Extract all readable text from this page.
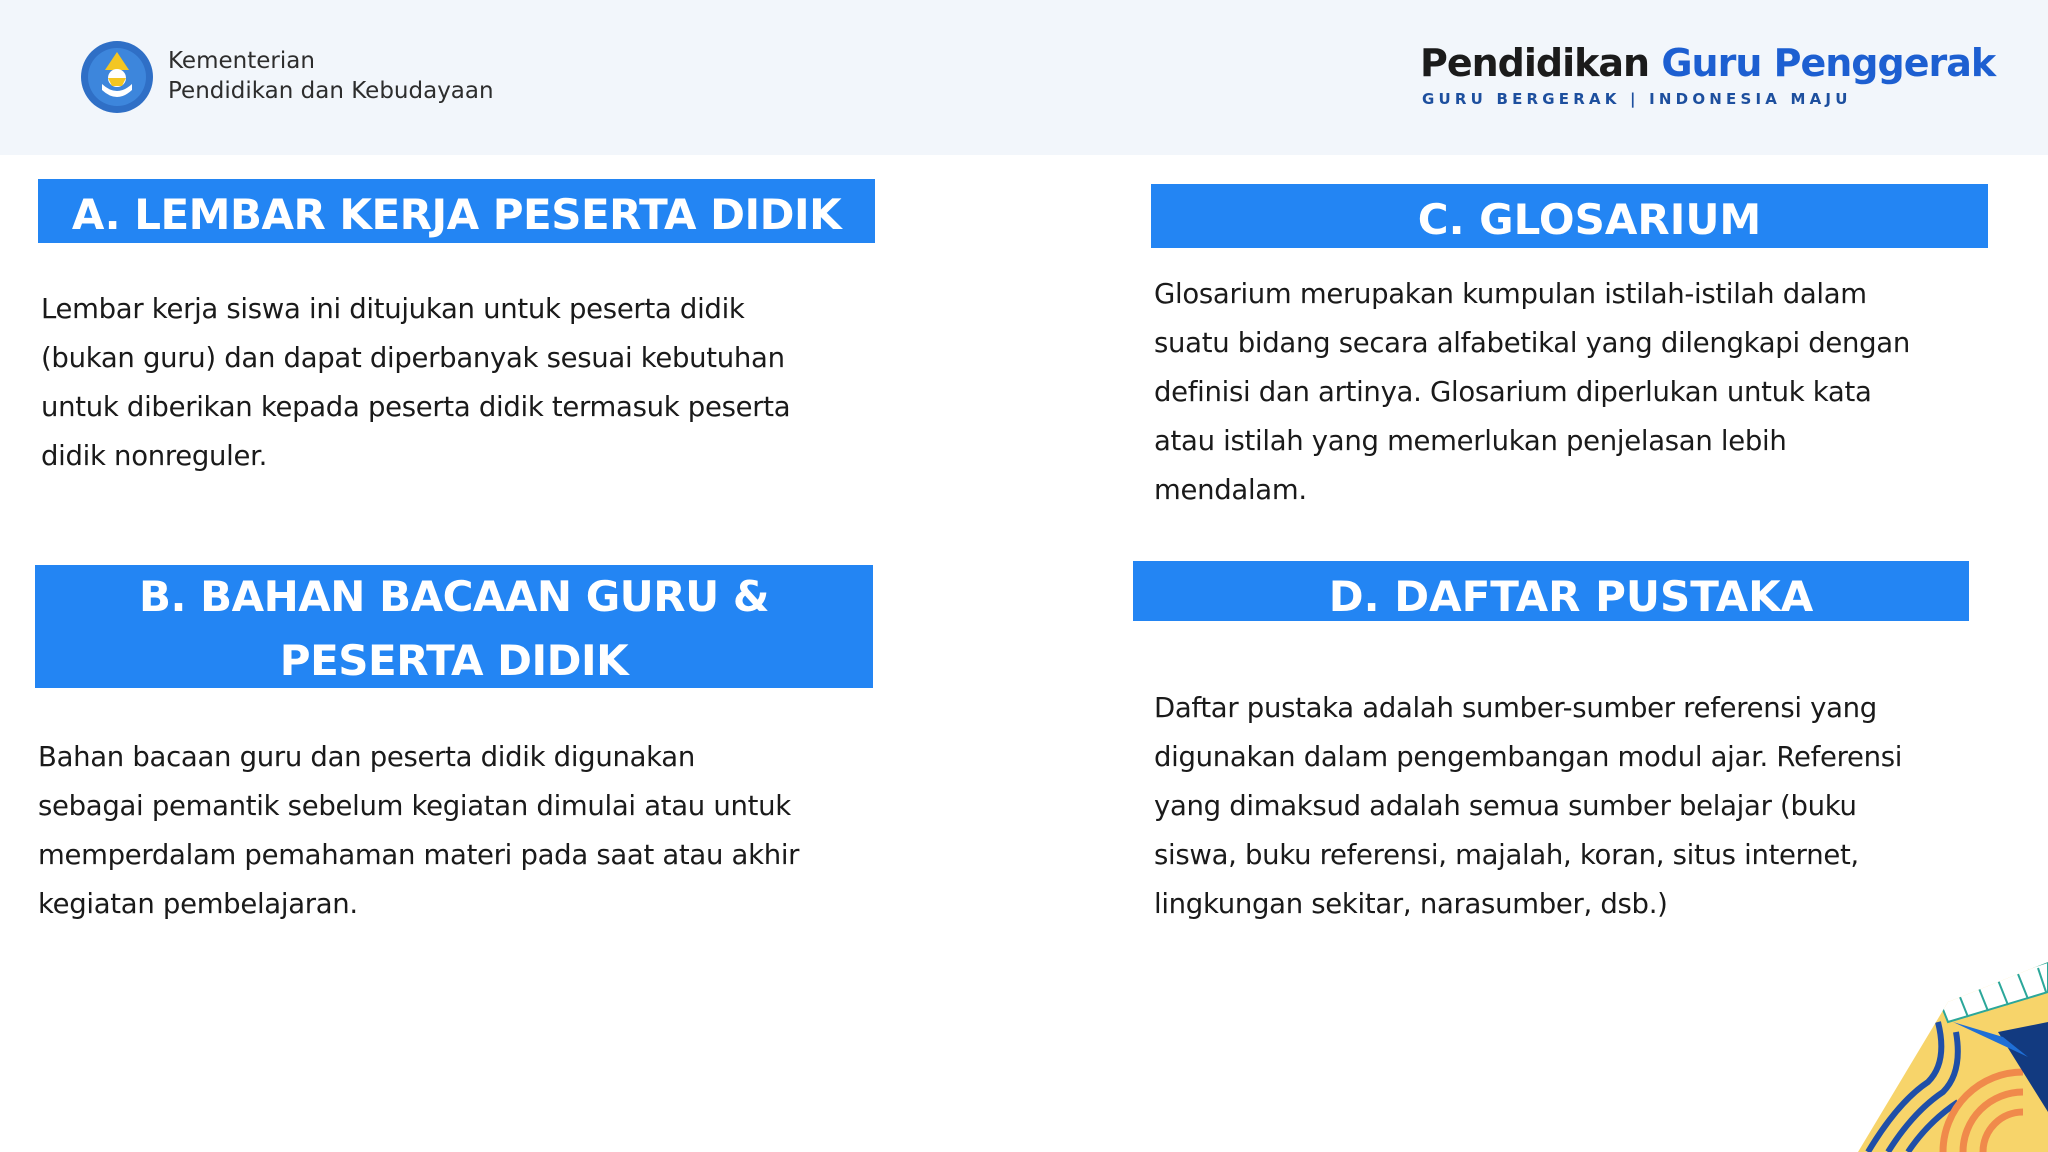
Kementerian
Pendidikan dan Kebudayaan
Pendidikan Guru Penggerak
GURU BERGERAK | INDONESIA MAJU
A. LEMBAR KERJA PESERTA DIDIK
Lembar kerja siswa ini ditujukan untuk peserta didik
(bukan guru) dan dapat diperbanyak sesuai kebutuhan
untuk diberikan kepada peserta didik termasuk peserta
didik nonreguler.
B. BAHAN BACAAN GURU &
PESERTA DIDIK
Bahan bacaan guru dan peserta didik digunakan
sebagai pemantik sebelum kegiatan dimulai atau untuk
memperdalam pemahaman materi pada saat atau akhir
kegiatan pembelajaran.
C. GLOSARIUM
Glosarium merupakan kumpulan istilah-istilah dalam
suatu bidang secara alfabetikal yang dilengkapi dengan
definisi dan artinya. Glosarium diperlukan untuk kata
atau istilah yang memerlukan penjelasan lebih
mendalam.
D. DAFTAR PUSTAKA
Daftar pustaka adalah sumber-sumber referensi yang
digunakan dalam pengembangan modul ajar. Referensi
yang dimaksud adalah semua sumber belajar (buku
siswa, buku referensi, majalah, koran, situs internet,
lingkungan sekitar, narasumber, dsb.)
